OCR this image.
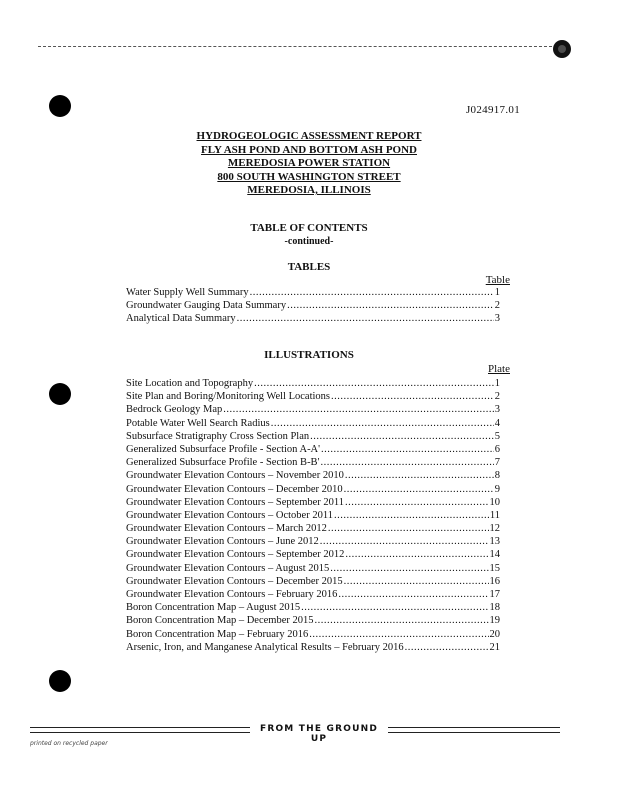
J024917.01
HYDROGEOLOGIC ASSESSMENT REPORT
FLY ASH POND AND BOTTOM ASH POND
MEREDOSIA POWER STATION
800 SOUTH WASHINGTON STREET
MEREDOSIA, ILLINOIS
TABLE OF CONTENTS
-continued-
TABLES
Table
Water Supply Well Summary .....	1
Groundwater Gauging Data Summary .....	2
Analytical Data Summary .....	3
ILLUSTRATIONS
Plate
Site Location and Topography .....	1
Site Plan and Boring/Monitoring Well Locations .....	2
Bedrock Geology Map .....	3
Potable Water Well Search Radius .....	4
Subsurface Stratigraphy Cross Section Plan .....	5
Generalized Subsurface Profile - Section A-A' .....	6
Generalized Subsurface Profile - Section B-B' .....	7
Groundwater Elevation Contours – November 2010 .....	8
Groundwater Elevation Contours – December 2010 .....	9
Groundwater Elevation Contours – September 2011 .....	10
Groundwater Elevation Contours – October 2011 .....	11
Groundwater Elevation Contours – March 2012 .....	12
Groundwater Elevation Contours – June 2012 .....	13
Groundwater Elevation Contours – September 2012 .....	14
Groundwater Elevation Contours – August 2015 .....	15
Groundwater Elevation Contours – December 2015 .....	16
Groundwater Elevation Contours – February 2016 .....	17
Boron Concentration Map – August 2015 .....	18
Boron Concentration Map – December 2015 .....	19
Boron Concentration Map – February 2016 .....	20
Arsenic, Iron, and Manganese Analytical Results – February 2016 .....	21
FROM THE GROUND UP
printed on recycled paper
